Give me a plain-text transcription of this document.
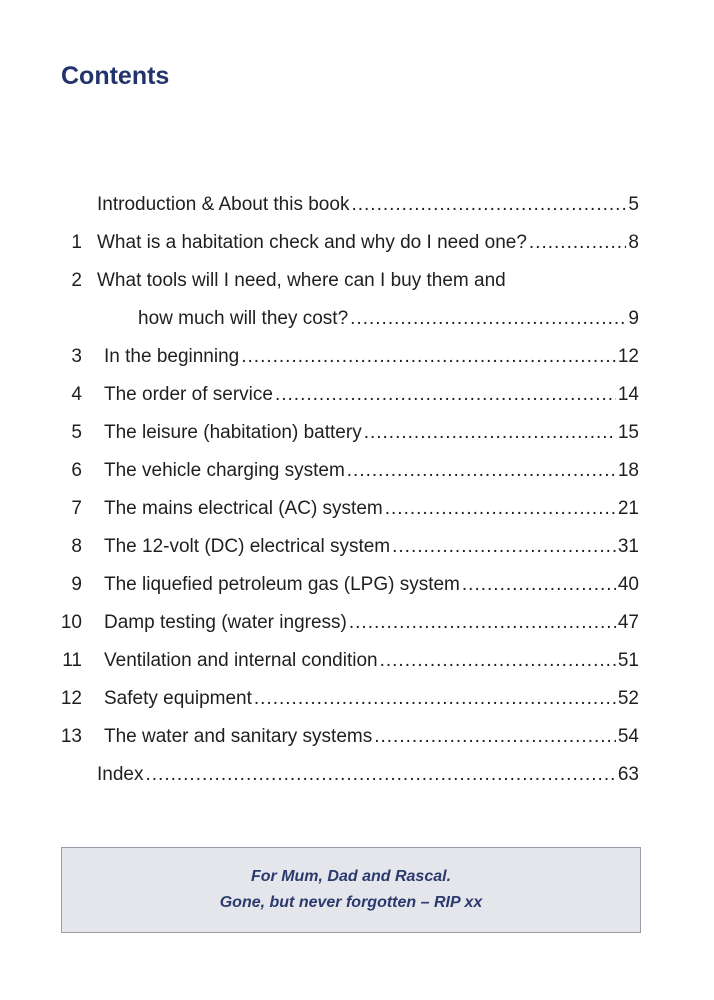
Contents
Introduction & About this book .....	5
1 What is a habitation check and why do I need one? .....	8
2 What tools will I need, where can I buy them and
how much will they cost? .....	9
3 In the beginning .....	12
4 The order of service .....	14
5 The leisure (habitation) battery .....	15
6 The vehicle charging system .....	18
7 The mains electrical (AC) system .....	21
8 The 12-volt (DC) electrical system .....	31
9 The liquefied petroleum gas (LPG) system .....	40
10 Damp testing (water ingress) .....	47
11 Ventilation and internal condition .....	51
12 Safety equipment .....	52
13 The water and sanitary systems .....	54
Index .....	63
For Mum, Dad and Rascal.
Gone, but never forgotten – RIP xx
